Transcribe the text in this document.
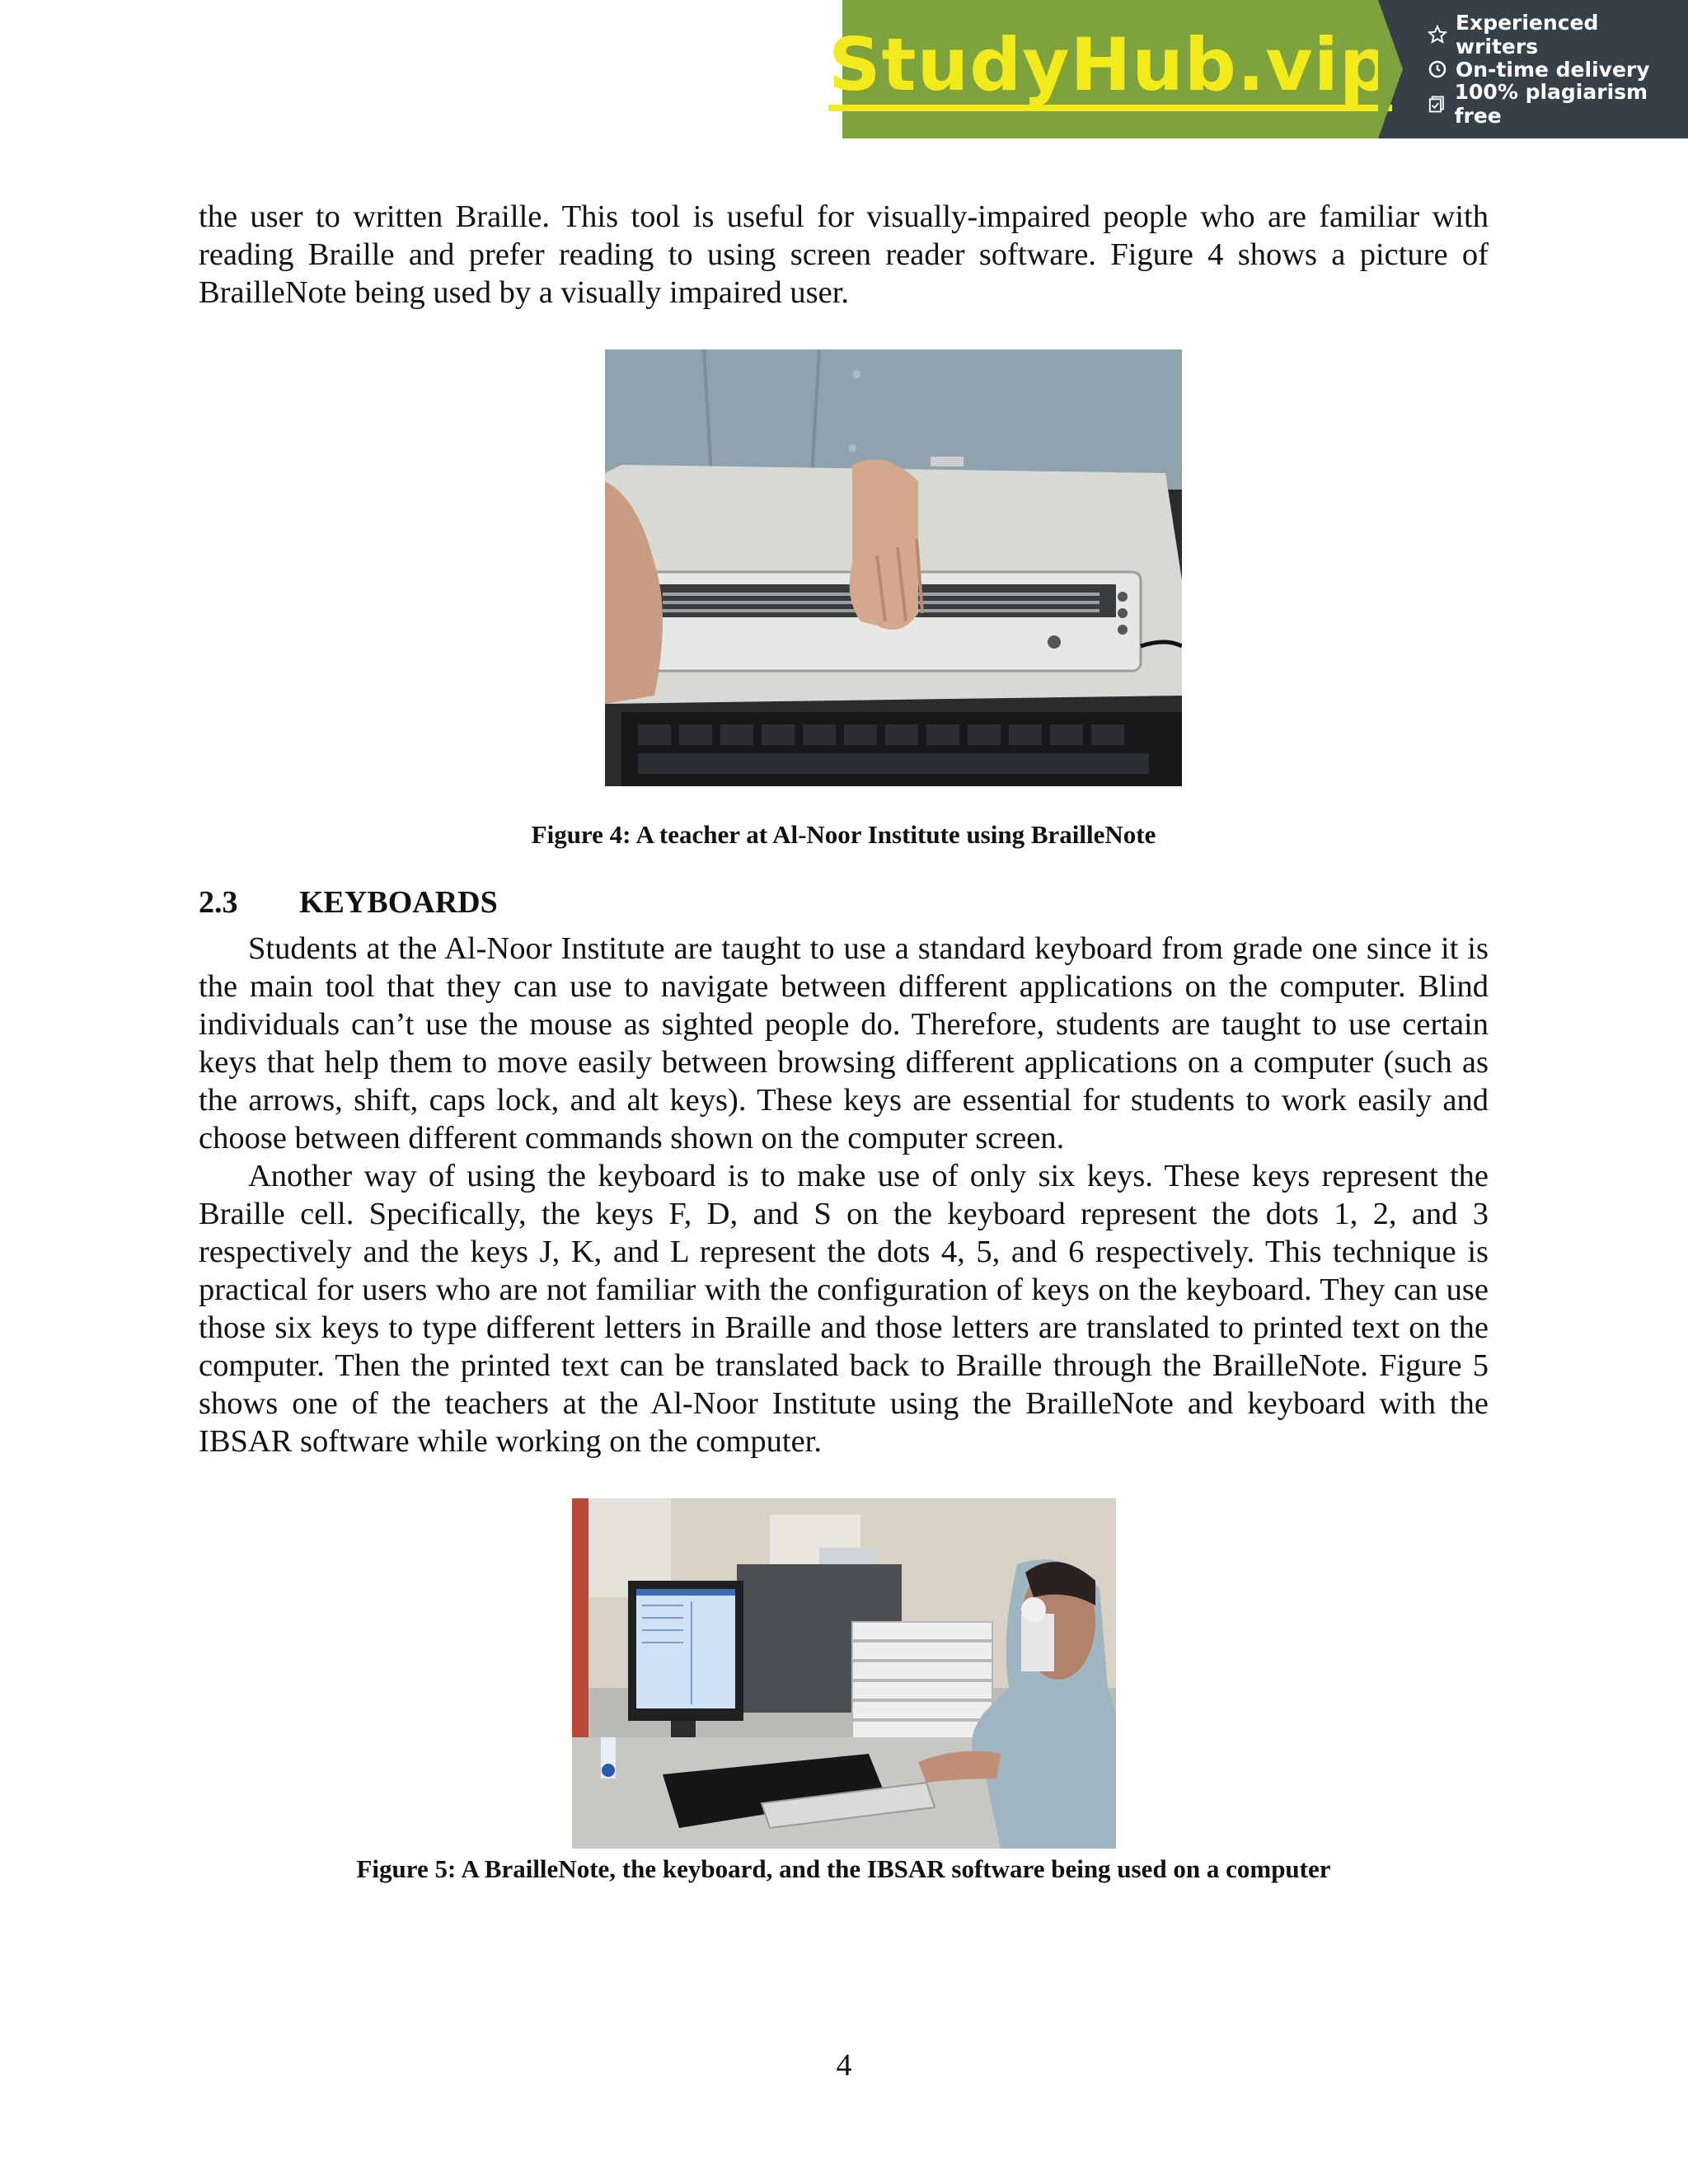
StudyHub.vip	Experienced writers
On-time delivery
100% plagiarism free
the user to written Braille. This tool is useful for visually-impaired people who are familiar with reading Braille and prefer reading to using screen reader software. Figure 4 shows a picture of BrailleNote being used by a visually impaired user.
Figure 4: A teacher at Al-Noor Institute using BrailleNote
2.3 KEYBOARDS
Students at the Al-Noor Institute are taught to use a standard keyboard from grade one since it is the main tool that they can use to navigate between different applications on the computer. Blind individuals can’t use the mouse as sighted people do. Therefore, students are taught to use certain keys that help them to move easily between browsing different applications on a computer (such as the arrows, shift, caps lock, and alt keys). These keys are essential for students to work easily and choose between different commands shown on the computer screen.
Another way of using the keyboard is to make use of only six keys. These keys represent the Braille cell. Specifically, the keys F, D, and S on the keyboard represent the dots 1, 2, and 3 respectively and the keys J, K, and L represent the dots 4, 5, and 6 respectively. This technique is practical for users who are not familiar with the configuration of keys on the keyboard. They can use those six keys to type different letters in Braille and those letters are translated to printed text on the computer. Then the printed text can be translated back to Braille through the BrailleNote. Figure 5 shows one of the teachers at the Al-Noor Institute using the BrailleNote and keyboard with the IBSAR software while working on the computer.
Figure 5: A BrailleNote, the keyboard, and the IBSAR software being used on a computer
4
